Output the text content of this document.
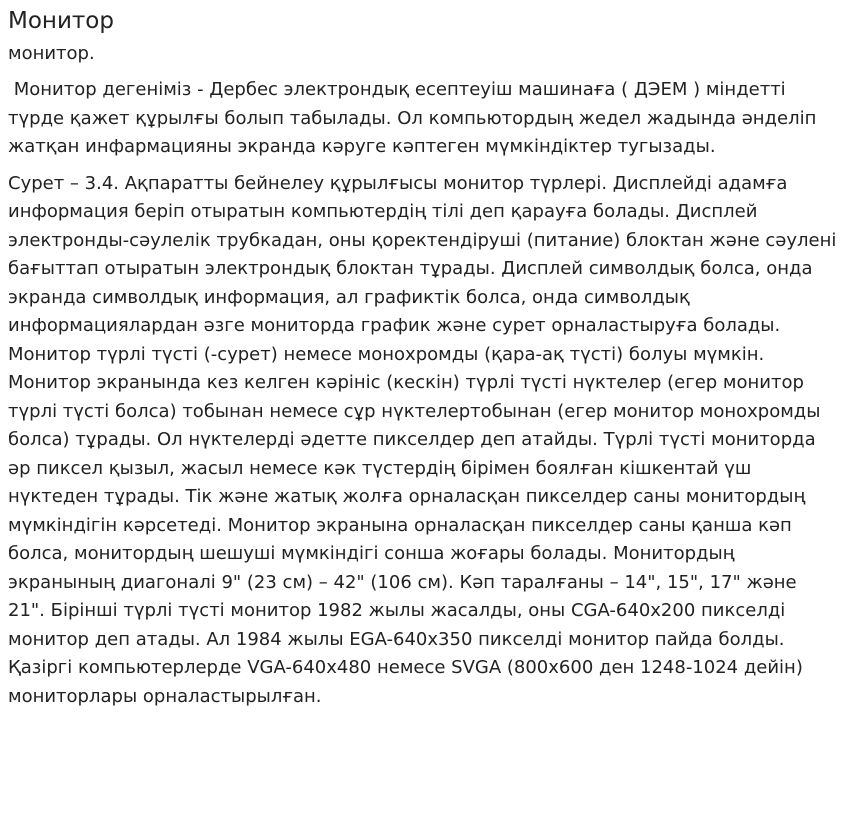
Монитор
монитор.

Монитор дегеніміз - Дербес электрондық есептеуіш машинаға ( ДЭЕМ ) міндетті түрде қажет құрылғы болып табылады. Ол компьютордың жедел жадында әнделіп жатқан инфармацияны экранда кәруге кәптеген мүмкіндіктер тугызады.

Сурет – 3.4. Ақпаратты бейнелеу құрылғысы монитор түрлері. Дисплейді адамға информация беріп отыратын компьютердің тілі деп қарауға болады. Дисплей электронды-сәулелік трубкадан, оны қоректендіруші (питание) блоктан және сәулені бағыттап отыратын электрондық блоктан тұрады. Дисплей символдық болса, онда экранда символдық информация, ал графиктік болса, онда символдық информациялардан әзге мониторда график және сурет орналастыруға болады. Монитор түрлі түсті (-сурет) немесе монохромды (қара-ақ түсті) болуы мүмкін. Монитор экранында кез келген кәрініс (кескін) түрлі түсті нүктелер (егер монитор түрлі түсті болса) тобынан немесе сұр нүктелертобынан (егер монитор монохромды болса) тұрады. Ол нүктелерді әдетте пикселдер деп атайды. Түрлі түсті мониторда әр пиксел қызыл, жасыл немесе кәк түстердің бірімен боялған кішкентай үш нүктеден тұрады. Тік және жатық жолға орналасқан пикселдер саны монитордың мүмкіндігін кәрсетеді. Монитор экранына орналасқан пикселдер саны қанша кәп болса, монитордың шешуші мүмкіндігі сонша жоғары болады. Монитордың экранының диагоналі 9" (23 см) – 42" (106 см). Кәп таралғаны – 14", 15", 17" және 21". Бірінші түрлі түсті монитор 1982 жылы жасалды, оны CGA-640x200 пикселді монитор деп атады. Ал 1984 жылы EGA-640x350 пикселді монитор пайда болды. Қазіргі компьютерлерде VGA-640x480 немесе SVGA (800x600 ден 1248-1024 дейін) мониторлары орналастырылған.
